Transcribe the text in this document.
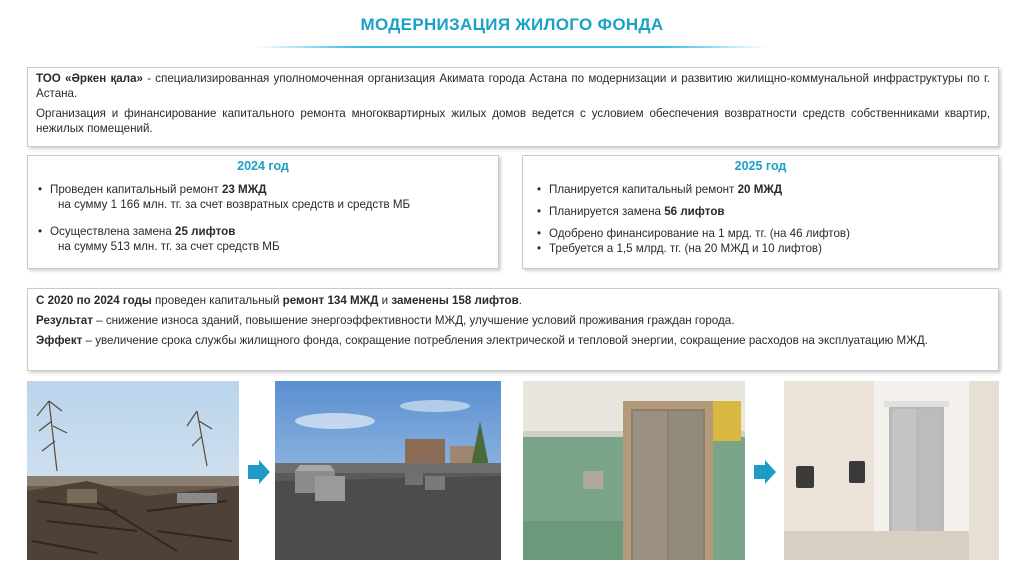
МОДЕРНИЗАЦИЯ ЖИЛОГО ФОНДА

ТОО «Әркен қала» - специализированная уполномоченная организация Акимата города Астана по модернизации и развитию жилищно-коммунальной инфраструктуры по г. Астана.

Организация и финансирование капитального ремонта многоквартирных жилых домов ведется с условием обеспечения возвратности средств собственниками квартир, нежилых помещений.

2024 год
• Проведен капитальный ремонт 23 МЖД
на сумму 1 166 млн. тг. за счет возвратных средств и средств МБ
• Осуществлена замена 25 лифтов
на сумму 513 млн. тг. за счет средств МБ
2025 год
• Планируется капитальный ремонт 20 МЖД
• Планируется замена 56 лифтов
• Одобрено финансирование на 1 мрд. тг. (на 46 лифтов)
• Требуется а 1,5 млрд. тг. (на 20 МЖД и 10 лифтов)

С 2020 по 2024 годы проведен капитальный ремонт 134 МЖД и заменены 158 лифтов.

Результат – снижение износа зданий, повышение энергоэффективности МЖД, улучшение условий проживания граждан города.

Эффект – увеличение срока службы жилищного фонда, сокращение потребления электрической и тепловой энергии, сокращение расходов на эксплуатацию МЖД.
